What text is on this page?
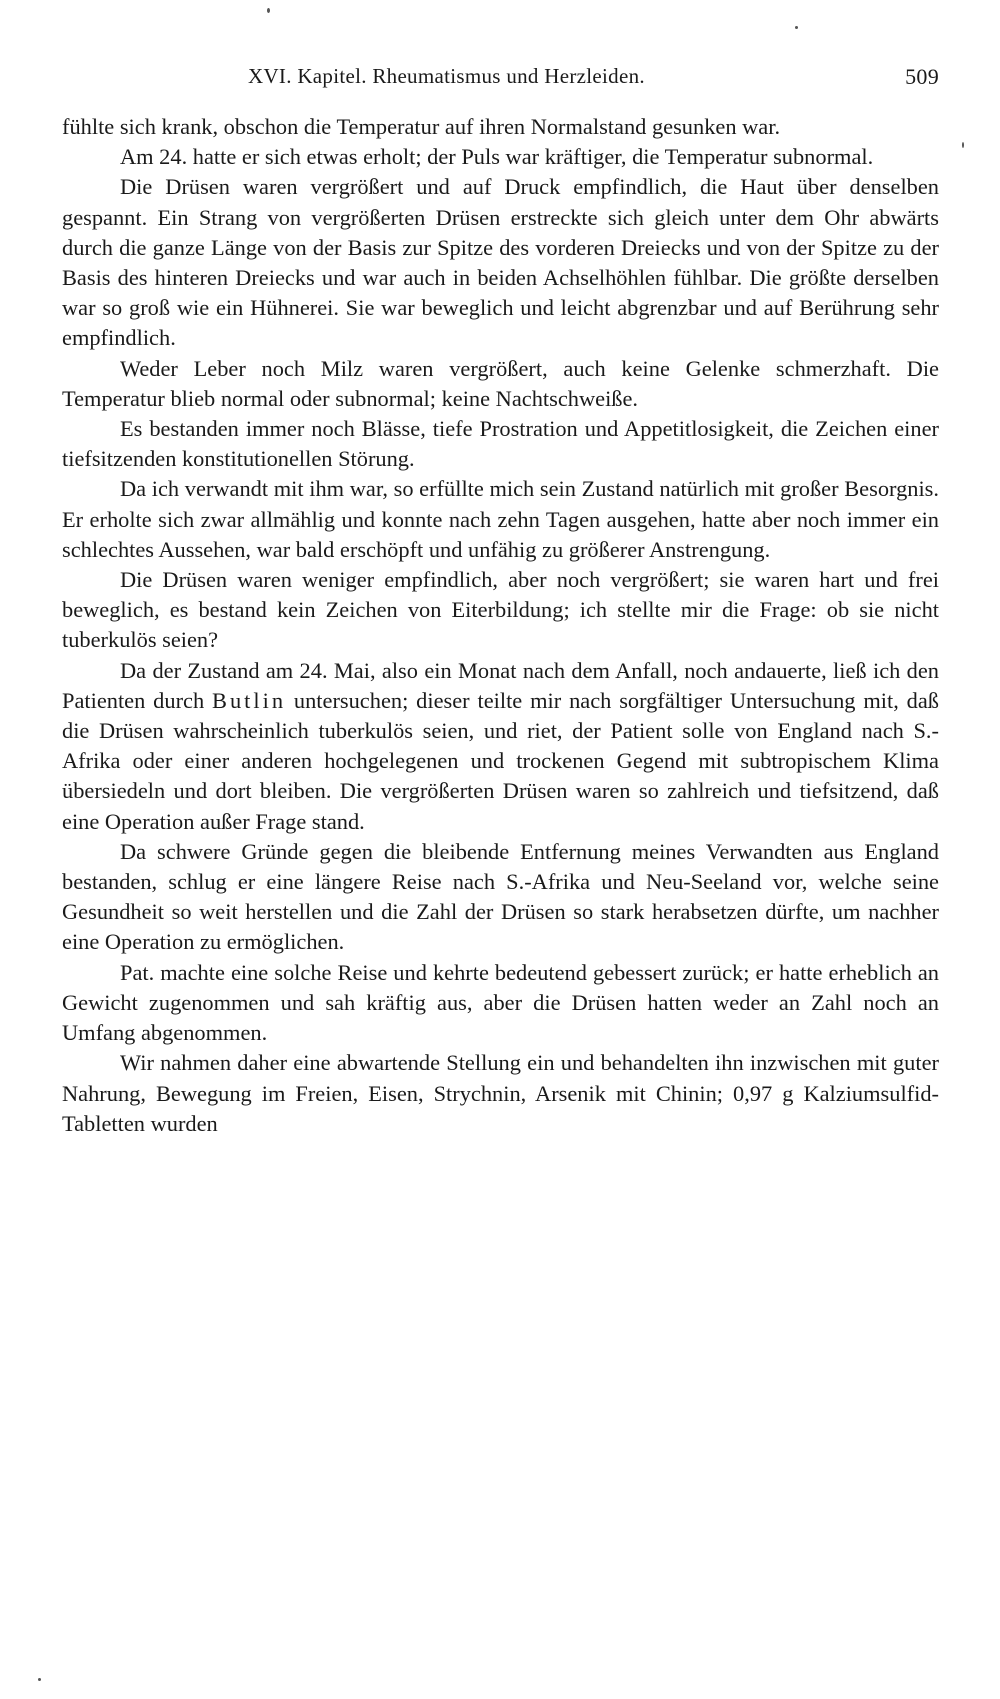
XVI. Kapitel. Rheumatismus und Herzleiden.	509

fühlte sich krank, obschon die Temperatur auf ihren Normalstand gesunken war.

Am 24. hatte er sich etwas erholt; der Puls war kräftiger, die Temperatur subnormal.

Die Drüsen waren vergrößert und auf Druck empfindlich, die Haut über denselben gespannt. Ein Strang von vergrößerten Drüsen erstreckte sich gleich unter dem Ohr abwärts durch die ganze Länge von der Basis zur Spitze des vorderen Dreiecks und von der Spitze zu der Basis des hinteren Dreiecks und war auch in beiden Achselhöhlen fühlbar. Die größte derselben war so groß wie ein Hühnerei. Sie war beweglich und leicht abgrenzbar und auf Berührung sehr empfindlich.

Weder Leber noch Milz waren vergrößert, auch keine Gelenke schmerzhaft. Die Temperatur blieb normal oder subnormal; keine Nachtschweiße.

Es bestanden immer noch Blässe, tiefe Prostration und Appetitlosigkeit, die Zeichen einer tiefsitzenden konstitutionellen Störung.

Da ich verwandt mit ihm war, so erfüllte mich sein Zustand natürlich mit großer Besorgnis. Er erholte sich zwar allmählig und konnte nach zehn Tagen ausgehen, hatte aber noch immer ein schlechtes Aussehen, war bald erschöpft und unfähig zu größerer Anstrengung.

Die Drüsen waren weniger empfindlich, aber noch vergrößert; sie waren hart und frei beweglich, es bestand kein Zeichen von Eiterbildung; ich stellte mir die Frage: ob sie nicht tuberkulös seien?

Da der Zustand am 24. Mai, also ein Monat nach dem Anfall, noch andauerte, ließ ich den Patienten durch Butlin untersuchen; dieser teilte mir nach sorgfältiger Untersuchung mit, daß die Drüsen wahrscheinlich tuberkulös seien, und riet, der Patient solle von England nach S.-Afrika oder einer anderen hochgelegenen und trockenen Gegend mit subtropischem Klima übersiedeln und dort bleiben. Die vergrößerten Drüsen waren so zahlreich und tiefsitzend, daß eine Operation außer Frage stand.

Da schwere Gründe gegen die bleibende Entfernung meines Verwandten aus England bestanden, schlug er eine längere Reise nach S.-Afrika und Neu-Seeland vor, welche seine Gesundheit so weit herstellen und die Zahl der Drüsen so stark herabsetzen dürfte, um nachher eine Operation zu ermöglichen.

Pat. machte eine solche Reise und kehrte bedeutend gebessert zurück; er hatte erheblich an Gewicht zugenommen und sah kräftig aus, aber die Drüsen hatten weder an Zahl noch an Umfang abgenommen.

Wir nahmen daher eine abwartende Stellung ein und behandelten ihn inzwischen mit guter Nahrung, Bewegung im Freien, Eisen, Strychnin, Arsenik mit Chinin; 0,97 g Kalziumsulfid-Tabletten wurden
